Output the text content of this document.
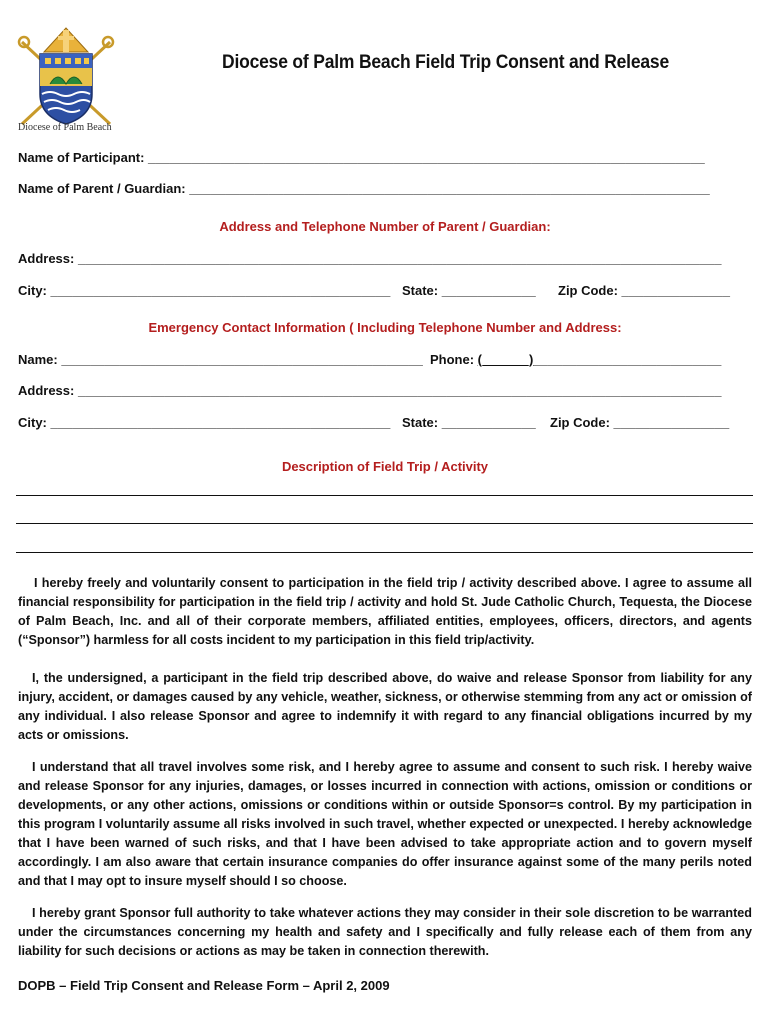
Diocese of Palm Beach
Diocese of Palm Beach Field Trip Consent and Release
Name of Participant: _____________________________________________________________________________
Name of Parent / Guardian: ________________________________________________________________________
Address and Telephone Number of Parent / Guardian:
Address: _________________________________________________________________________________________
City: _______________________________________________ State: _____________ Zip Code: _______________
Emergency Contact Information ( Including Telephone Number and Address:
Name: __________________________________________________ Phone: (___ ___)__________________________
Address: _________________________________________________________________________________________
City: _______________________________________________ State: _____________ Zip Code: ________________
Description of Field Trip / Activity
I hereby freely and voluntarily consent to participation in the field trip / activity described above. I agree to assume all financial responsibility for participation in the field trip / activity and hold St. Jude Catholic Church, Tequesta, the Diocese of Palm Beach, Inc. and all of their corporate members, affiliated entities, employees, officers, directors, and agents (“Sponsor”) harmless for all costs incident to my participation in this field trip/activity.
I, the undersigned, a participant in the field trip described above, do waive and release Sponsor from liability for any injury, accident, or damages caused by any vehicle, weather, sickness, or otherwise stemming from any act or omission of any individual. I also release Sponsor and agree to indemnify it with regard to any financial obligations incurred by my acts or omissions.
I understand that all travel involves some risk, and I hereby agree to assume and consent to such risk. I hereby waive and release Sponsor for any injuries, damages, or losses incurred in connection with actions, omission or conditions or developments, or any other actions, omissions or conditions within or outside Sponsor=s control. By my participation in this program I voluntarily assume all risks involved in such travel, whether expected or unexpected. I hereby acknowledge that I have been warned of such risks, and that I have been advised to take appropriate action and to govern myself accordingly. I am also aware that certain insurance companies do offer insurance against some of the many perils noted and that I may opt to insure myself should I so choose.
I hereby grant Sponsor full authority to take whatever actions they may consider in their sole discretion to be warranted under the circumstances concerning my health and safety and I specifically and fully release each of them from any liability for such decisions or actions as may be taken in connection therewith.
DOPB – Field Trip Consent and Release Form – April 2, 2009
